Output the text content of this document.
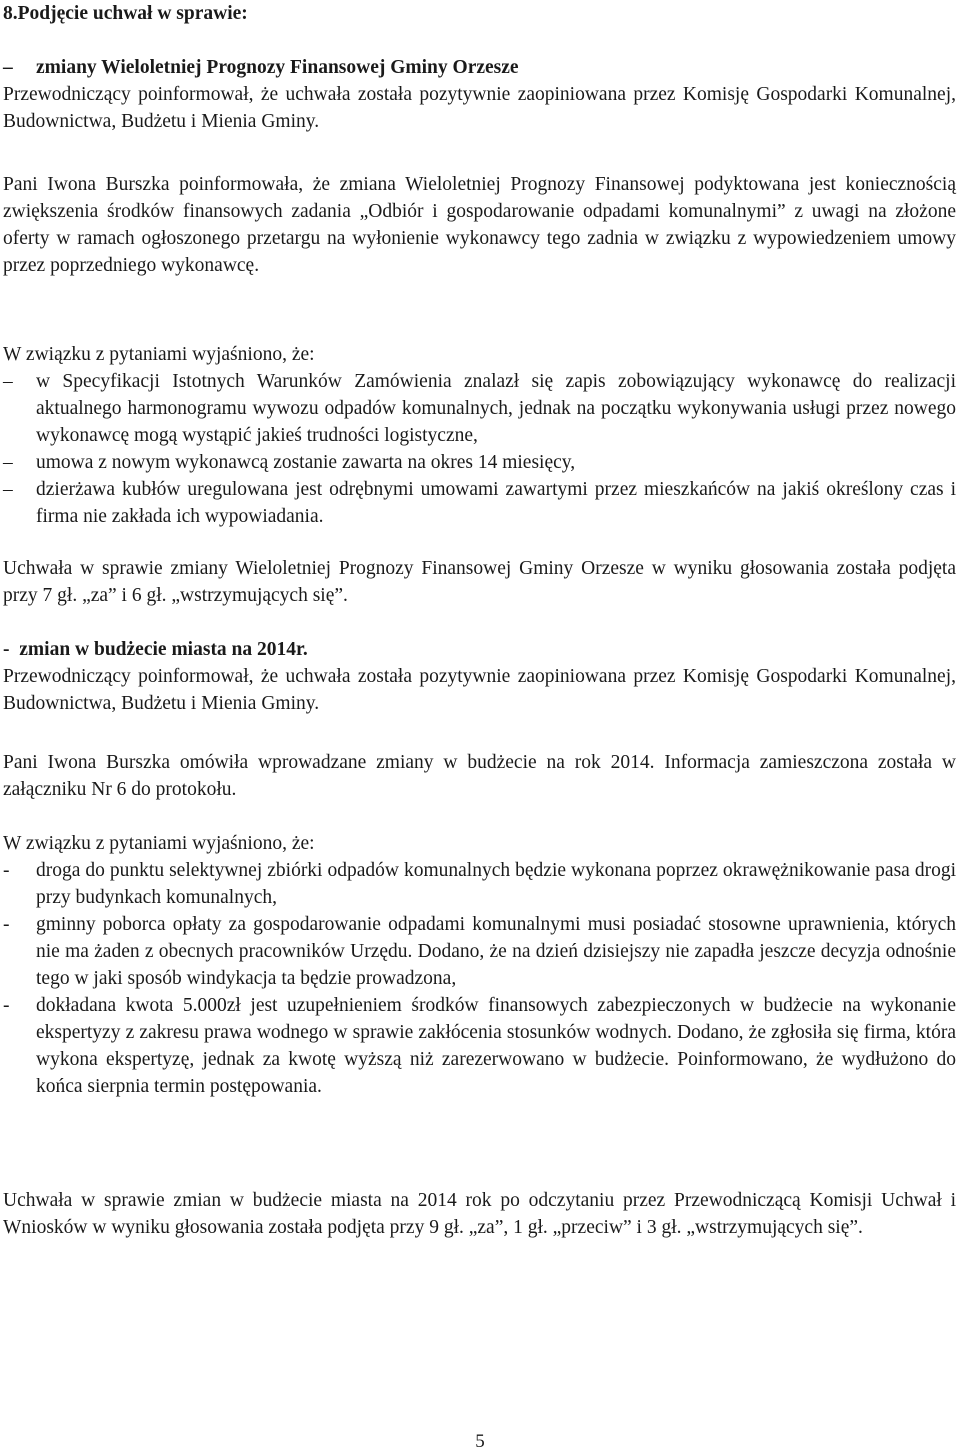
8.Podjęcie uchwał w sprawie:
– zmiany Wieloletniej Prognozy Finansowej Gminy Orzesze
Przewodniczący poinformował, że uchwała została pozytywnie zaopiniowana przez Komisję Gospodarki Komunalnej, Budownictwa, Budżetu i Mienia Gminy.
Pani Iwona Burszka poinformowała, że zmiana Wieloletniej Prognozy Finansowej podyktowana jest koniecznością zwiększenia środków finansowych zadania „Odbiór i gospodarowanie odpadami komunalnymi” z uwagi na złożone oferty w ramach ogłoszonego przetargu na wyłonienie wykonawcy tego zadnia w związku z wypowiedzeniem umowy przez poprzedniego wykonawcę.
W związku z pytaniami wyjaśniono, że:
– w Specyfikacji Istotnych Warunków Zamówienia znalazł się zapis zobowiązujący wykonawcę do realizacji aktualnego harmonogramu wywozu odpadów komunalnych, jednak na początku wykonywania usługi przez nowego wykonawcę mogą wystąpić jakieś trudności logistyczne,
– umowa z nowym wykonawcą zostanie zawarta na okres 14 miesięcy,
– dzierżawa kubłów uregulowana jest odrębnymi umowami zawartymi przez mieszkańców na jakiś określony czas i firma nie zakłada ich wypowiadania.
Uchwała w sprawie zmiany Wieloletniej Prognozy Finansowej Gminy Orzesze w wyniku głosowania została podjęta przy 7 gł. „za” i 6 gł. „wstrzymujących się”.
- zmian w budżecie miasta na 2014r.
Przewodniczący poinformował, że uchwała została pozytywnie zaopiniowana przez Komisję Gospodarki Komunalnej, Budownictwa, Budżetu i Mienia Gminy.
Pani Iwona Burszka omówiła wprowadzane zmiany w budżecie na rok 2014. Informacja zamieszczona została w załączniku Nr 6 do protokołu.
W związku z pytaniami wyjaśniono, że:
- droga do punktu selektywnej zbiórki odpadów komunalnych będzie wykonana poprzez okrawężnikowanie pasa drogi przy budynkach komunalnych,
- gminny poborca opłaty za gospodarowanie odpadami komunalnymi musi posiadać stosowne uprawnienia, których nie ma żaden z obecnych pracowników Urzędu. Dodano, że na dzień dzisiejszy nie zapadła jeszcze decyzja odnośnie tego w jaki sposób windykacja ta będzie prowadzona,
- dokładana kwota 5.000zł jest uzupełnieniem środków finansowych zabezpieczonych w budżecie na wykonanie ekspertyzy z zakresu prawa wodnego w sprawie zakłócenia stosunków wodnych. Dodano, że zgłosiła się firma, która wykona ekspertyzę, jednak za kwotę wyższą niż zarezerwowano w budżecie. Poinformowano, że wydłużono do końca sierpnia termin postępowania.
Uchwała w sprawie zmian w budżecie miasta na 2014 rok po odczytaniu przez Przewodniczącą Komisji Uchwał i Wniosków w wyniku głosowania została podjęta przy 9 gł. „za”, 1 gł. „przeciw” i 3 gł. „wstrzymujących się”.
5
